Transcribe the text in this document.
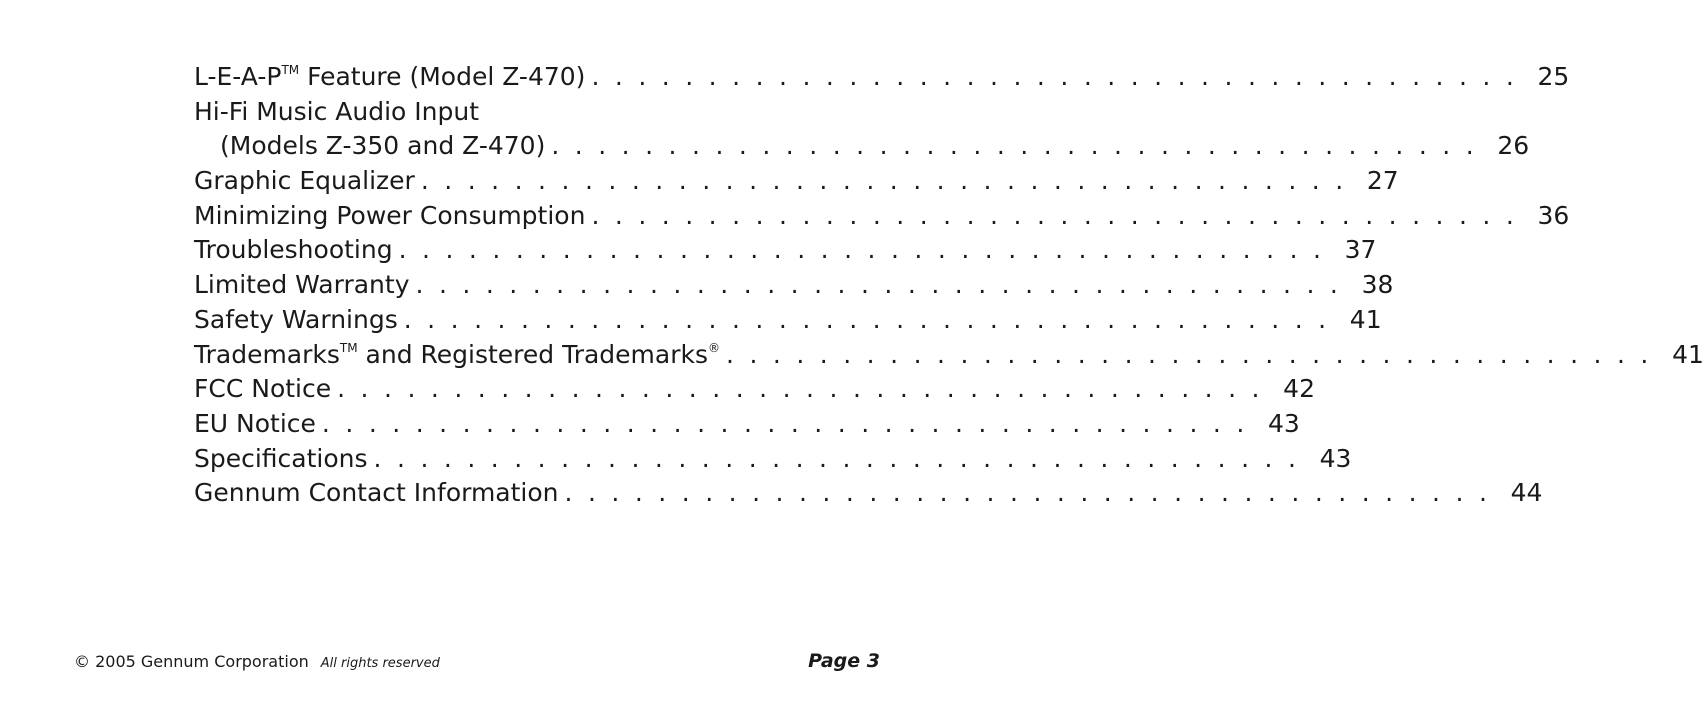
L-E-A-P™ Feature (Model Z-470) ........................................ 25
Hi-Fi Music Audio Input
(Models Z-350 and Z-470) ........................................ 26
Graphic Equalizer ........................................ 27
Minimizing Power Consumption ........................................ 36
Troubleshooting ........................................ 37
Limited Warranty ........................................ 38
Safety Warnings ........................................ 41
Trademarks™ and Registered Trademarks® ........................................ 41
FCC Notice ........................................ 42
EU Notice ........................................ 43
Specifications ........................................ 43
Gennum Contact Information ........................................ 44
© 2005 Gennum Corporation All rights reserved	Page 3
